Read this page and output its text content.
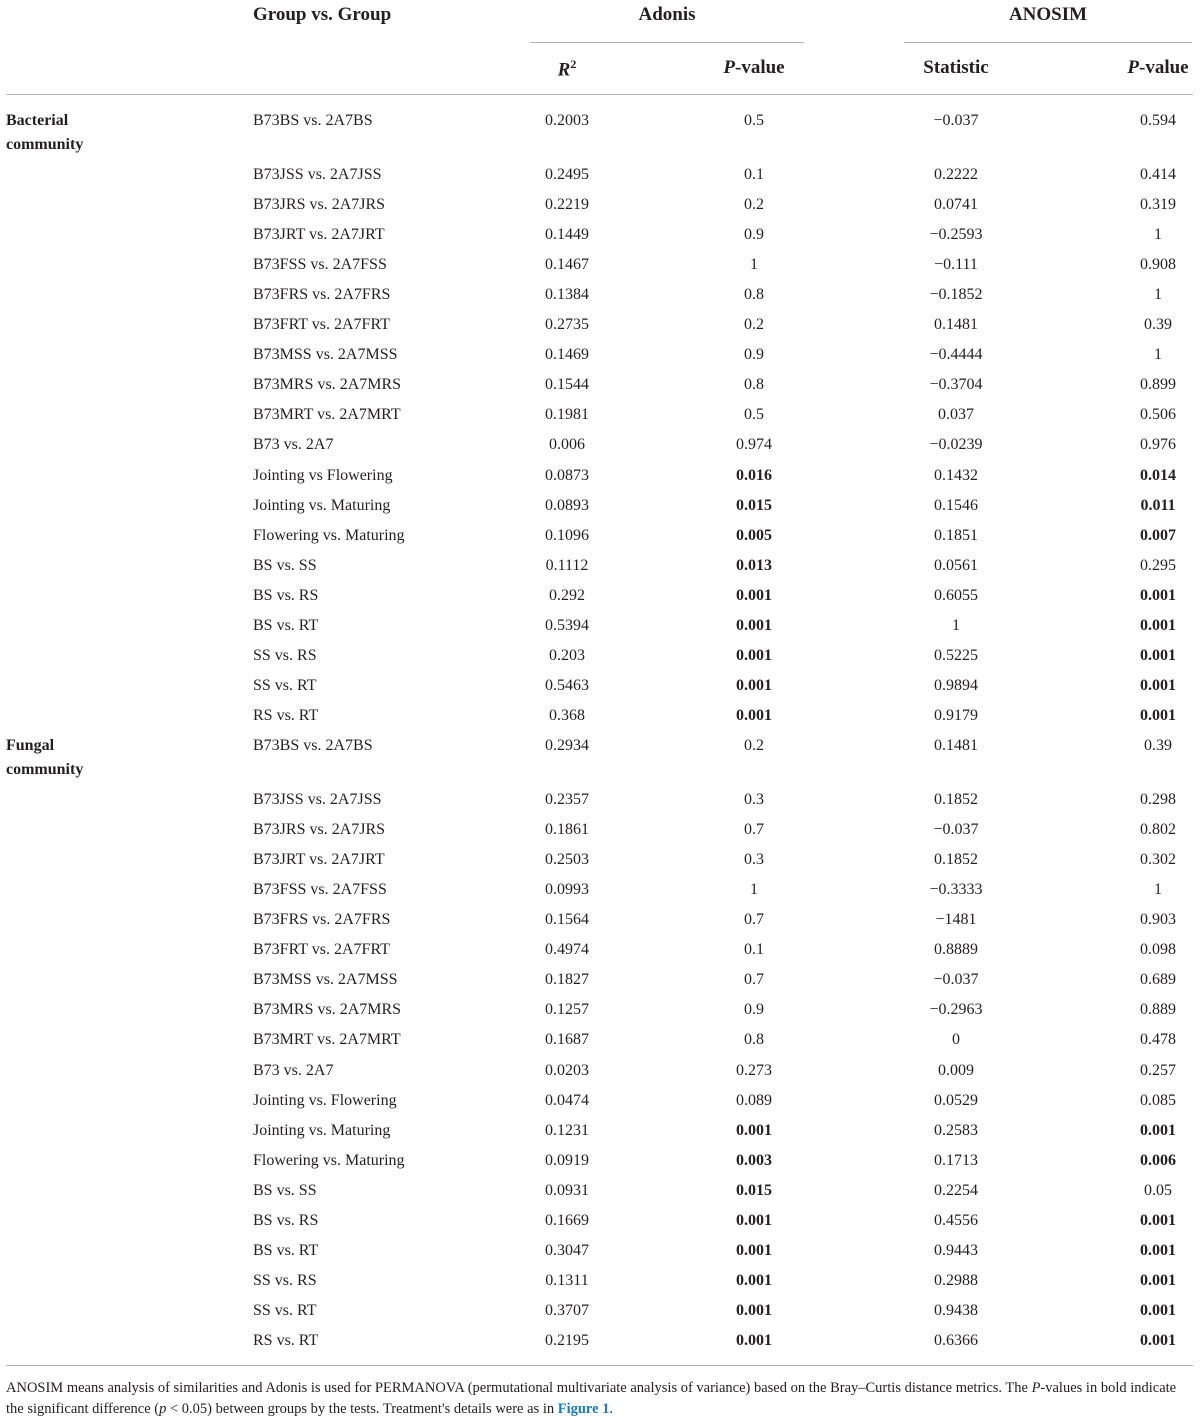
Group vs. Group	Adonis	ANOSIM
$R^2$	P-value	Statistic	P-value
Bacterial
community
B73BS vs. 2A7BS	0.2003	0.5	−0.037	0.594
B73JSS vs. 2A7JSS	0.2495	0.1	0.2222	0.414
B73JRS vs. 2A7JRS	0.2219	0.2	0.0741	0.319
B73JRT vs. 2A7JRT	0.1449	0.9	−0.2593	1
B73FSS vs. 2A7FSS	0.1467	1	−0.111	0.908
B73FRS vs. 2A7FRS	0.1384	0.8	−0.1852	1
B73FRT vs. 2A7FRT	0.2735	0.2	0.1481	0.39
B73MSS vs. 2A7MSS	0.1469	0.9	−0.4444	1
B73MRS vs. 2A7MRS	0.1544	0.8	−0.3704	0.899
B73MRT vs. 2A7MRT	0.1981	0.5	0.037	0.506
B73 vs. 2A7	0.006	0.974	−0.0239	0.976
Jointing vs Flowering	0.0873	0.016	0.1432	0.014
Jointing vs. Maturing	0.0893	0.015	0.1546	0.011
Flowering vs. Maturing	0.1096	0.005	0.1851	0.007
BS vs. SS	0.1112	0.013	0.0561	0.295
BS vs. RS	0.292	0.001	0.6055	0.001
BS vs. RT	0.5394	0.001	1	0.001
SS vs. RS	0.203	0.001	0.5225	0.001
SS vs. RT	0.5463	0.001	0.9894	0.001
RS vs. RT	0.368	0.001	0.9179	0.001
Fungal
community
B73BS vs. 2A7BS	0.2934	0.2	0.1481	0.39
B73JSS vs. 2A7JSS	0.2357	0.3	0.1852	0.298
B73JRS vs. 2A7JRS	0.1861	0.7	−0.037	0.802
B73JRT vs. 2A7JRT	0.2503	0.3	0.1852	0.302
B73FSS vs. 2A7FSS	0.0993	1	−0.3333	1
B73FRS vs. 2A7FRS	0.1564	0.7	−1481	0.903
B73FRT vs. 2A7FRT	0.4974	0.1	0.8889	0.098
B73MSS vs. 2A7MSS	0.1827	0.7	−0.037	0.689
B73MRS vs. 2A7MRS	0.1257	0.9	−0.2963	0.889
B73MRT vs. 2A7MRT	0.1687	0.8	0	0.478
B73 vs. 2A7	0.0203	0.273	0.009	0.257
Jointing vs. Flowering	0.0474	0.089	0.0529	0.085
Jointing vs. Maturing	0.1231	0.001	0.2583	0.001
Flowering vs. Maturing	0.0919	0.003	0.1713	0.006
BS vs. SS	0.0931	0.015	0.2254	0.05
BS vs. RS	0.1669	0.001	0.4556	0.001
BS vs. RT	0.3047	0.001	0.9443	0.001
SS vs. RS	0.1311	0.001	0.2988	0.001
SS vs. RT	0.3707	0.001	0.9438	0.001
RS vs. RT	0.2195	0.001	0.6366	0.001
ANOSIM means analysis of similarities and Adonis is used for PERMANOVA (permutational multivariate analysis of variance) based on the Bray–Curtis distance metrics. The P-values in bold indicate the significant difference (p < 0.05) between groups by the tests. Treatment's details were as in Figure 1.
